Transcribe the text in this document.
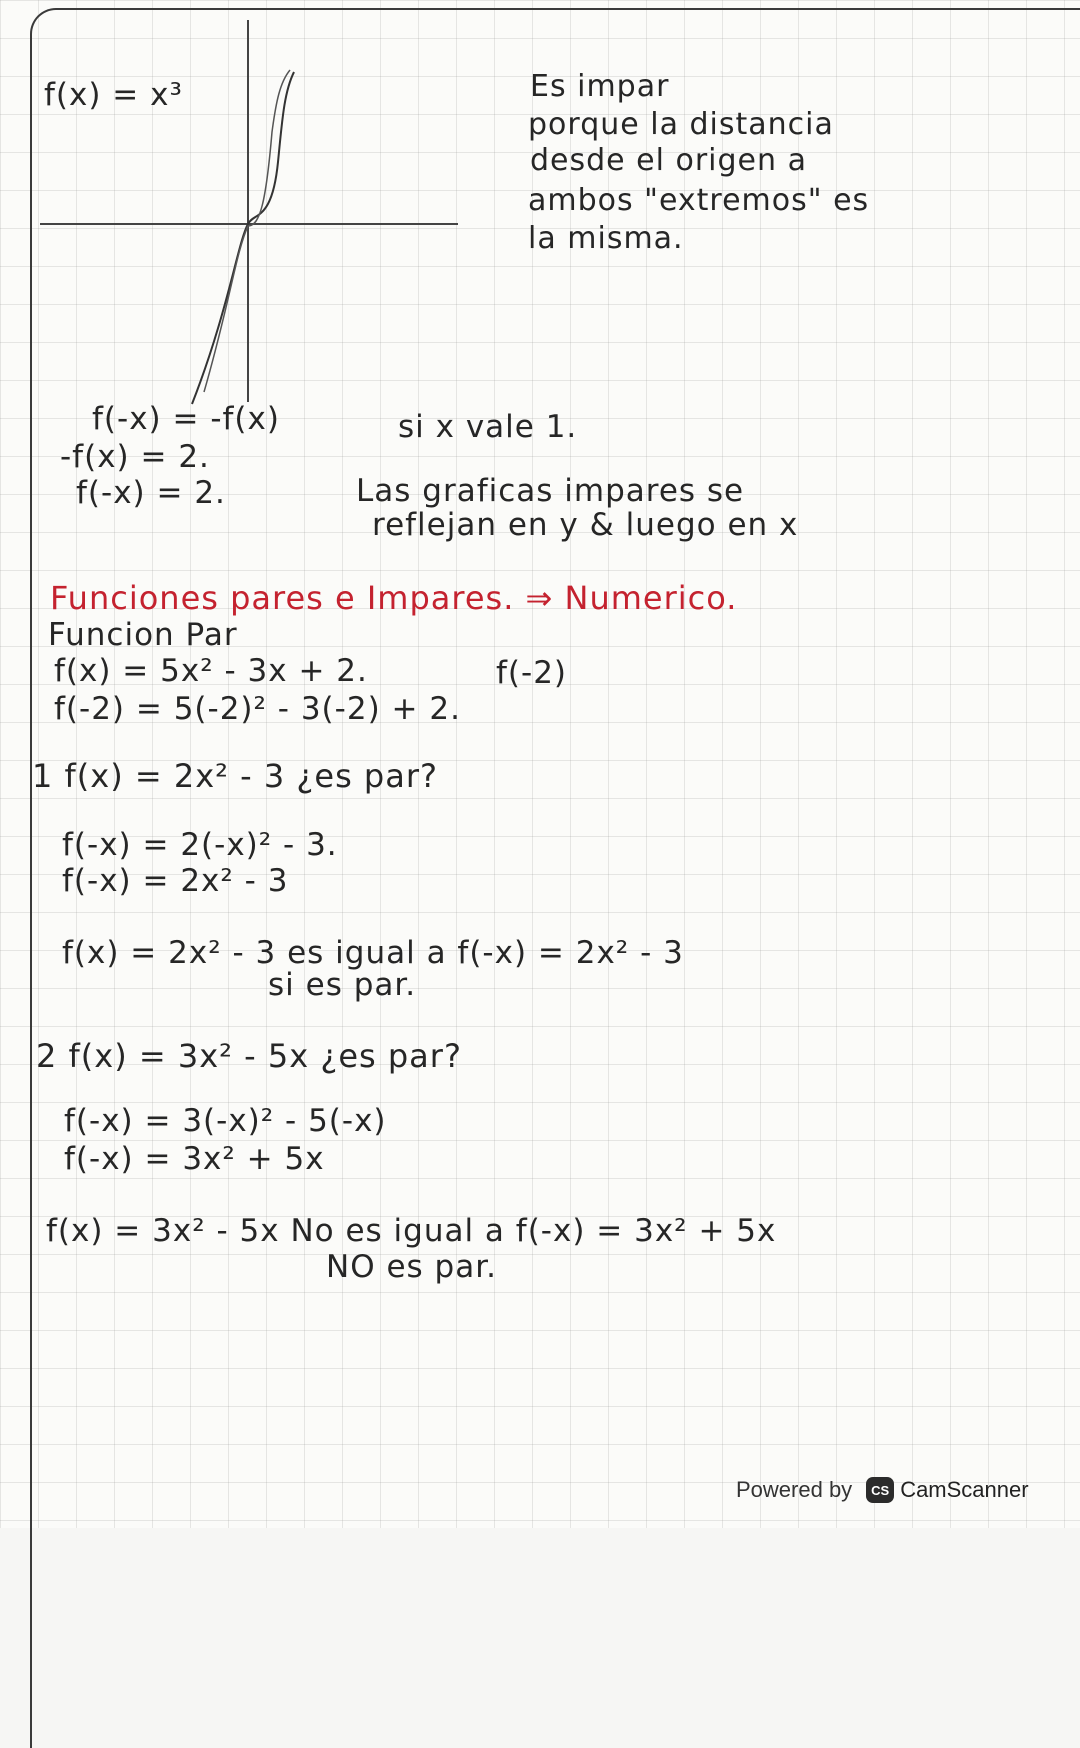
f(x) = x³	Es impar
porque la distancia
desde el origen a
ambos "extremos" es
la misma.
f(-x) = -f(x)
-f(x) = 2.
f(-x) = 2.
si x vale 1.
Las graficas impares se
reflejan en y & luego en x
Funciones pares e Impares. ⇒ Numerico.
Funcion Par
f(x) = 5x² - 3x + 2.	f(-2)
f(-2) = 5(-2)² - 3(-2) + 2.
1 f(x) = 2x² - 3 ¿es par?
f(-x) = 2(-x)² - 3.
f(-x) = 2x² - 3
f(x) = 2x² - 3 es igual a f(-x) = 2x² - 3
si es par.
2 f(x) = 3x² - 5x ¿es par?
f(-x) = 3(-x)² - 5(-x)
f(-x) = 3x² + 5x
f(x) = 3x² - 5x No es igual a f(-x) = 3x² + 5x
NO es par.
Powered by	CS CamScanner
